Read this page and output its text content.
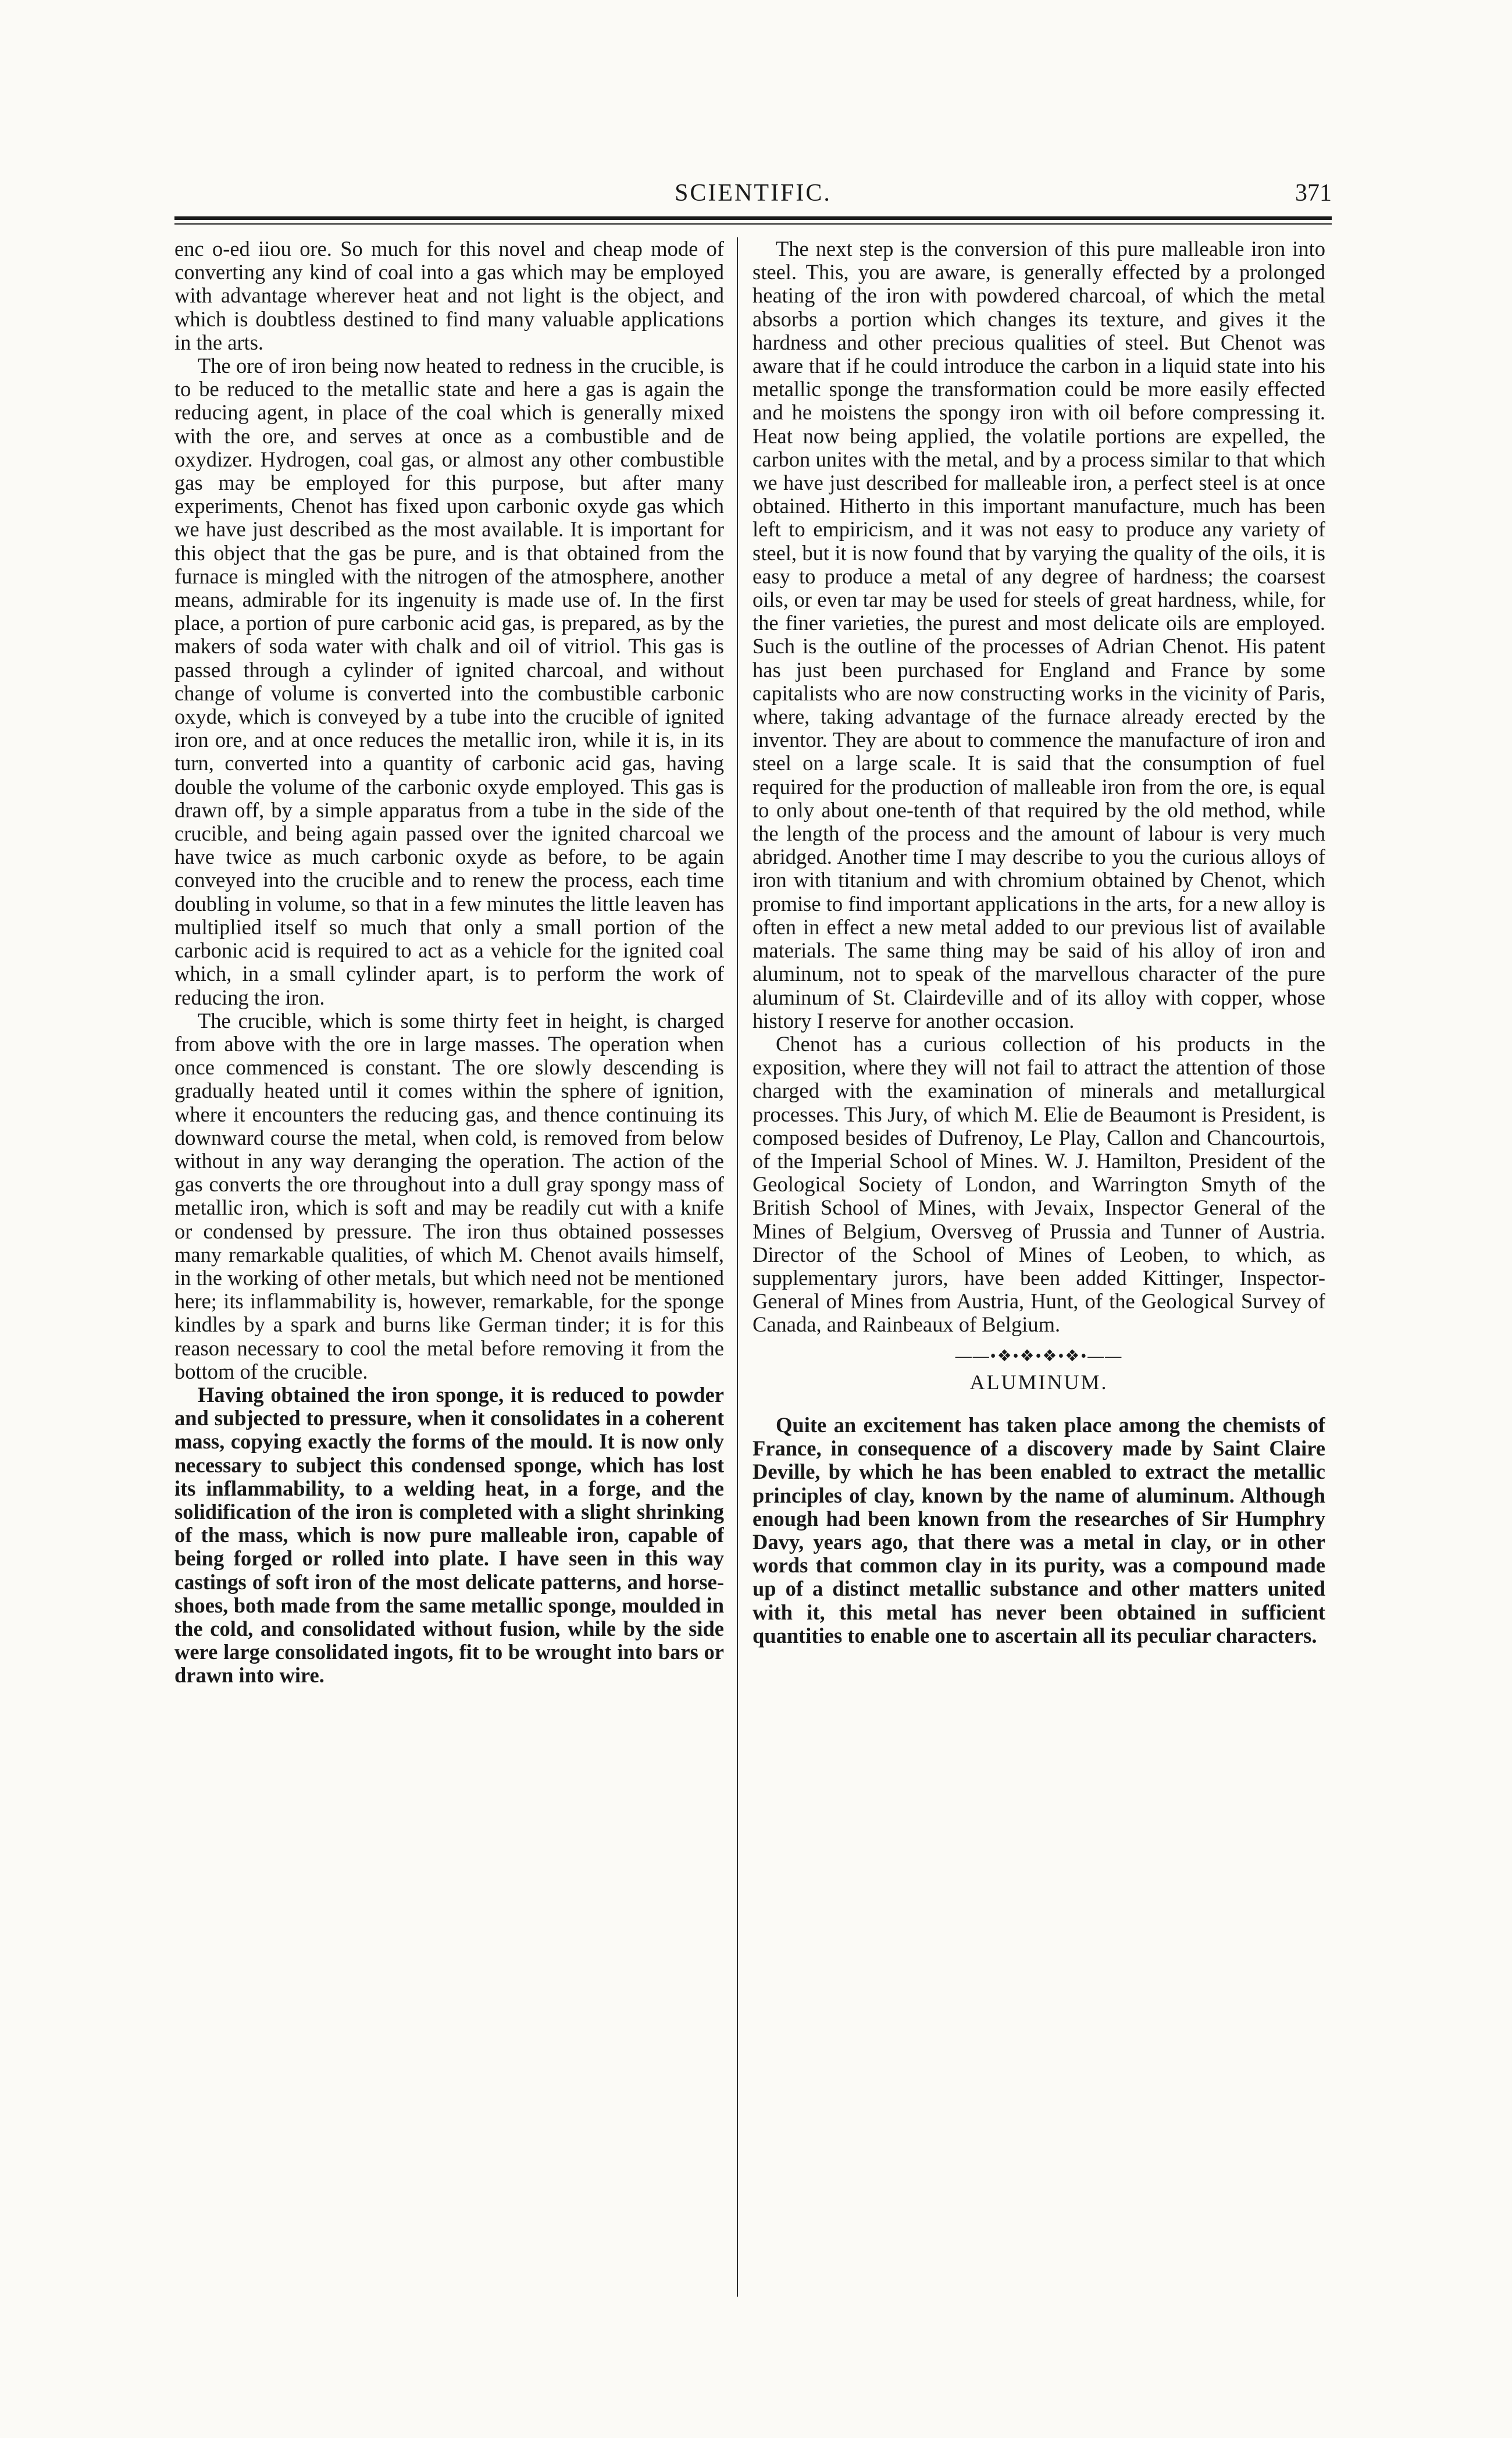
SCIENTIFIC.	371

enc o-ed iiou ore. So much for this novel and cheap mode of converting any kind of coal into a gas which may be employed with advantage wherever heat and not light is the object, and which is doubtless destined to find many valuable applications in the arts.

The ore of iron being now heated to redness in the crucible, is to be reduced to the metallic state and here a gas is again the reducing agent, in place of the coal which is generally mixed with the ore, and serves at once as a combustible and de oxydizer. Hydrogen, coal gas, or almost any other combustible gas may be employed for this purpose, but after many experiments, Chenot has fixed upon carbonic oxyde gas which we have just described as the most available. It is important for this object that the gas be pure, and is that obtained from the furnace is mingled with the nitrogen of the atmosphere, another means, admirable for its ingenuity is made use of. In the first place, a portion of pure carbonic acid gas, is prepared, as by the makers of soda water with chalk and oil of vitriol. This gas is passed through a cylinder of ignited charcoal, and without change of volume is converted into the combustible carbonic oxyde, which is conveyed by a tube into the crucible of ignited iron ore, and at once reduces the metallic iron, while it is, in its turn, converted into a quantity of carbonic acid gas, having double the volume of the carbonic oxyde employed. This gas is drawn off, by a simple apparatus from a tube in the side of the crucible, and being again passed over the ignited charcoal we have twice as much carbonic oxyde as before, to be again conveyed into the crucible and to renew the process, each time doubling in volume, so that in a few minutes the little leaven has multiplied itself so much that only a small portion of the carbonic acid is required to act as a vehicle for the ignited coal which, in a small cylinder apart, is to perform the work of reducing the iron.

The crucible, which is some thirty feet in height, is charged from above with the ore in large masses. The operation when once commenced is constant. The ore slowly descending is gradually heated until it comes within the sphere of ignition, where it encounters the reducing gas, and thence continuing its downward course the metal, when cold, is removed from below without in any way deranging the operation. The action of the gas converts the ore throughout into a dull gray spongy mass of metallic iron, which is soft and may be readily cut with a knife or condensed by pressure. The iron thus obtained possesses many remarkable qualities, of which M. Chenot avails himself, in the working of other metals, but which need not be mentioned here; its inflammability is, however, remarkable, for the sponge kindles by a spark and burns like German tinder; it is for this reason necessary to cool the metal before removing it from the bottom of the crucible.

Having obtained the iron sponge, it is reduced to powder and subjected to pressure, when it consolidates in a coherent mass, copying exactly the forms of the mould. It is now only necessary to subject this condensed sponge, which has lost its inflammability, to a welding heat, in a forge, and the solidification of the iron is completed with a slight shrinking of the mass, which is now pure malleable iron, capable of being forged or rolled into plate. I have seen in this way castings of soft iron of the most delicate patterns, and horse-shoes, both made from the same metallic sponge, moulded in the cold, and consolidated without fusion, while by the side were large consolidated ingots, fit to be wrought into bars or drawn into wire.

The next step is the conversion of this pure malleable iron into steel. This, you are aware, is generally effected by a prolonged heating of the iron with powdered charcoal, of which the metal absorbs a portion which changes its texture, and gives it the hardness and other precious qualities of steel. But Chenot was aware that if he could introduce the carbon in a liquid state into his metallic sponge the transformation could be more easily effected and he moistens the spongy iron with oil before compressing it. Heat now being applied, the volatile portions are expelled, the carbon unites with the metal, and by a process similar to that which we have just described for malleable iron, a perfect steel is at once obtained. Hitherto in this important manufacture, much has been left to empiricism, and it was not easy to produce any variety of steel, but it is now found that by varying the quality of the oils, it is easy to produce a metal of any degree of hardness; the coarsest oils, or even tar may be used for steels of great hardness, while, for the finer varieties, the purest and most delicate oils are employed. Such is the outline of the processes of Adrian Chenot. His patent has just been purchased for England and France by some capitalists who are now constructing works in the vicinity of Paris, where, taking advantage of the furnace already erected by the inventor. They are about to commence the manufacture of iron and steel on a large scale. It is said that the consumption of fuel required for the production of malleable iron from the ore, is equal to only about one-tenth of that required by the old method, while the length of the process and the amount of labour is very much abridged. Another time I may describe to you the curious alloys of iron with titanium and with chromium obtained by Chenot, which promise to find important applications in the arts, for a new alloy is often in effect a new metal added to our previous list of available materials. The same thing may be said of his alloy of iron and aluminum, not to speak of the marvellous character of the pure aluminum of St. Clairdeville and of its alloy with copper, whose history I reserve for another occasion.

Chenot has a curious collection of his products in the exposition, where they will not fail to attract the attention of those charged with the examination of minerals and metallurgical processes. This Jury, of which M. Elie de Beaumont is President, is composed besides of Dufrenoy, Le Play, Callon and Chancourtois, of the Imperial School of Mines. W. J. Hamilton, President of the Geological Society of London, and Warrington Smyth of the British School of Mines, with Jevaix, Inspector General of the Mines of Belgium, Oversveg of Prussia and Tunner of Austria. Director of the School of Mines of Leoben, to which, as supplementary jurors, have been added Kittinger, Inspector-General of Mines from Austria, Hunt, of the Geological Survey of Canada, and Rainbeaux of Belgium.

——•❖•❖•❖•❖•——
ALUMINUM.

Quite an excitement has taken place among the chemists of France, in consequence of a discovery made by Saint Claire Deville, by which he has been enabled to extract the metallic principles of clay, known by the name of aluminum. Although enough had been known from the researches of Sir Humphry Davy, years ago, that there was a metal in clay, or in other words that common clay in its purity, was a compound made up of a distinct metallic substance and other matters united with it, this metal has never been obtained in sufficient quantities to enable one to ascertain all its peculiar characters.
